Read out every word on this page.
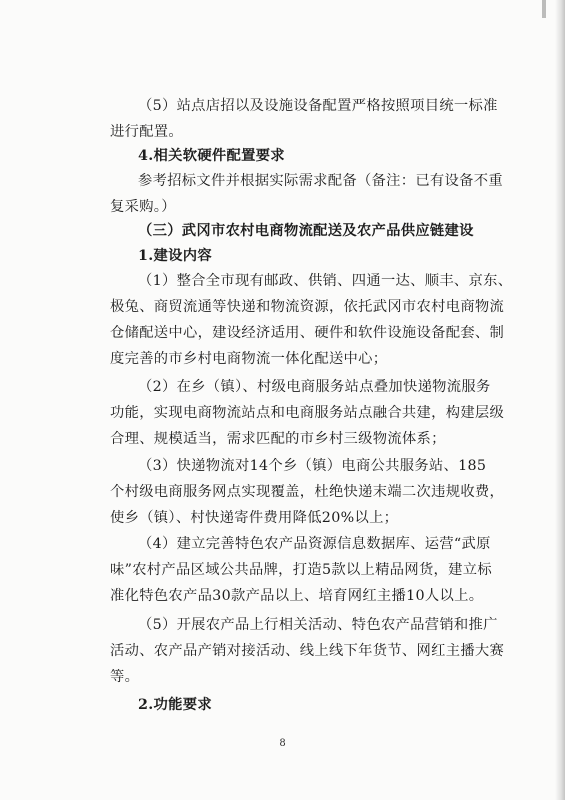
（5）站点店招以及设施设备配置严格按照项目统一标准
进行配置。
4.相关软硬件配置要求
参考招标文件并根据实际需求配备（备注：已有设备不重
复采购。）
（三）武冈市农村电商物流配送及农产品供应链建设
1.建设内容
（1）整合全市现有邮政、供销、四通一达、顺丰、京东、
极兔、商贸流通等快递和物流资源，依托武冈市农村电商物流
仓储配送中心，建设经济适用、硬件和软件设施设备配套、制
度完善的市乡村电商物流一体化配送中心；
（2）在乡（镇）、村级电商服务站点叠加快递物流服务
功能，实现电商物流站点和电商服务站点融合共建，构建层级
合理、规模适当，需求匹配的市乡村三级物流体系；
（3）快递物流对14个乡（镇）电商公共服务站、185
个村级电商服务网点实现覆盖，杜绝快递末端二次违规收费，
使乡（镇）、村快递寄件费用降低20%以上；
（4）建立完善特色农产品资源信息数据库、运营“武原
味”农村产品区域公共品牌，打造5款以上精品网货，建立标
准化特色农产品30款产品以上、培育网红主播10人以上。
（5）开展农产品上行相关活动、特色农产品营销和推广
活动、农产品产销对接活动、线上线下年货节、网红主播大赛
等。
2.功能要求
8
